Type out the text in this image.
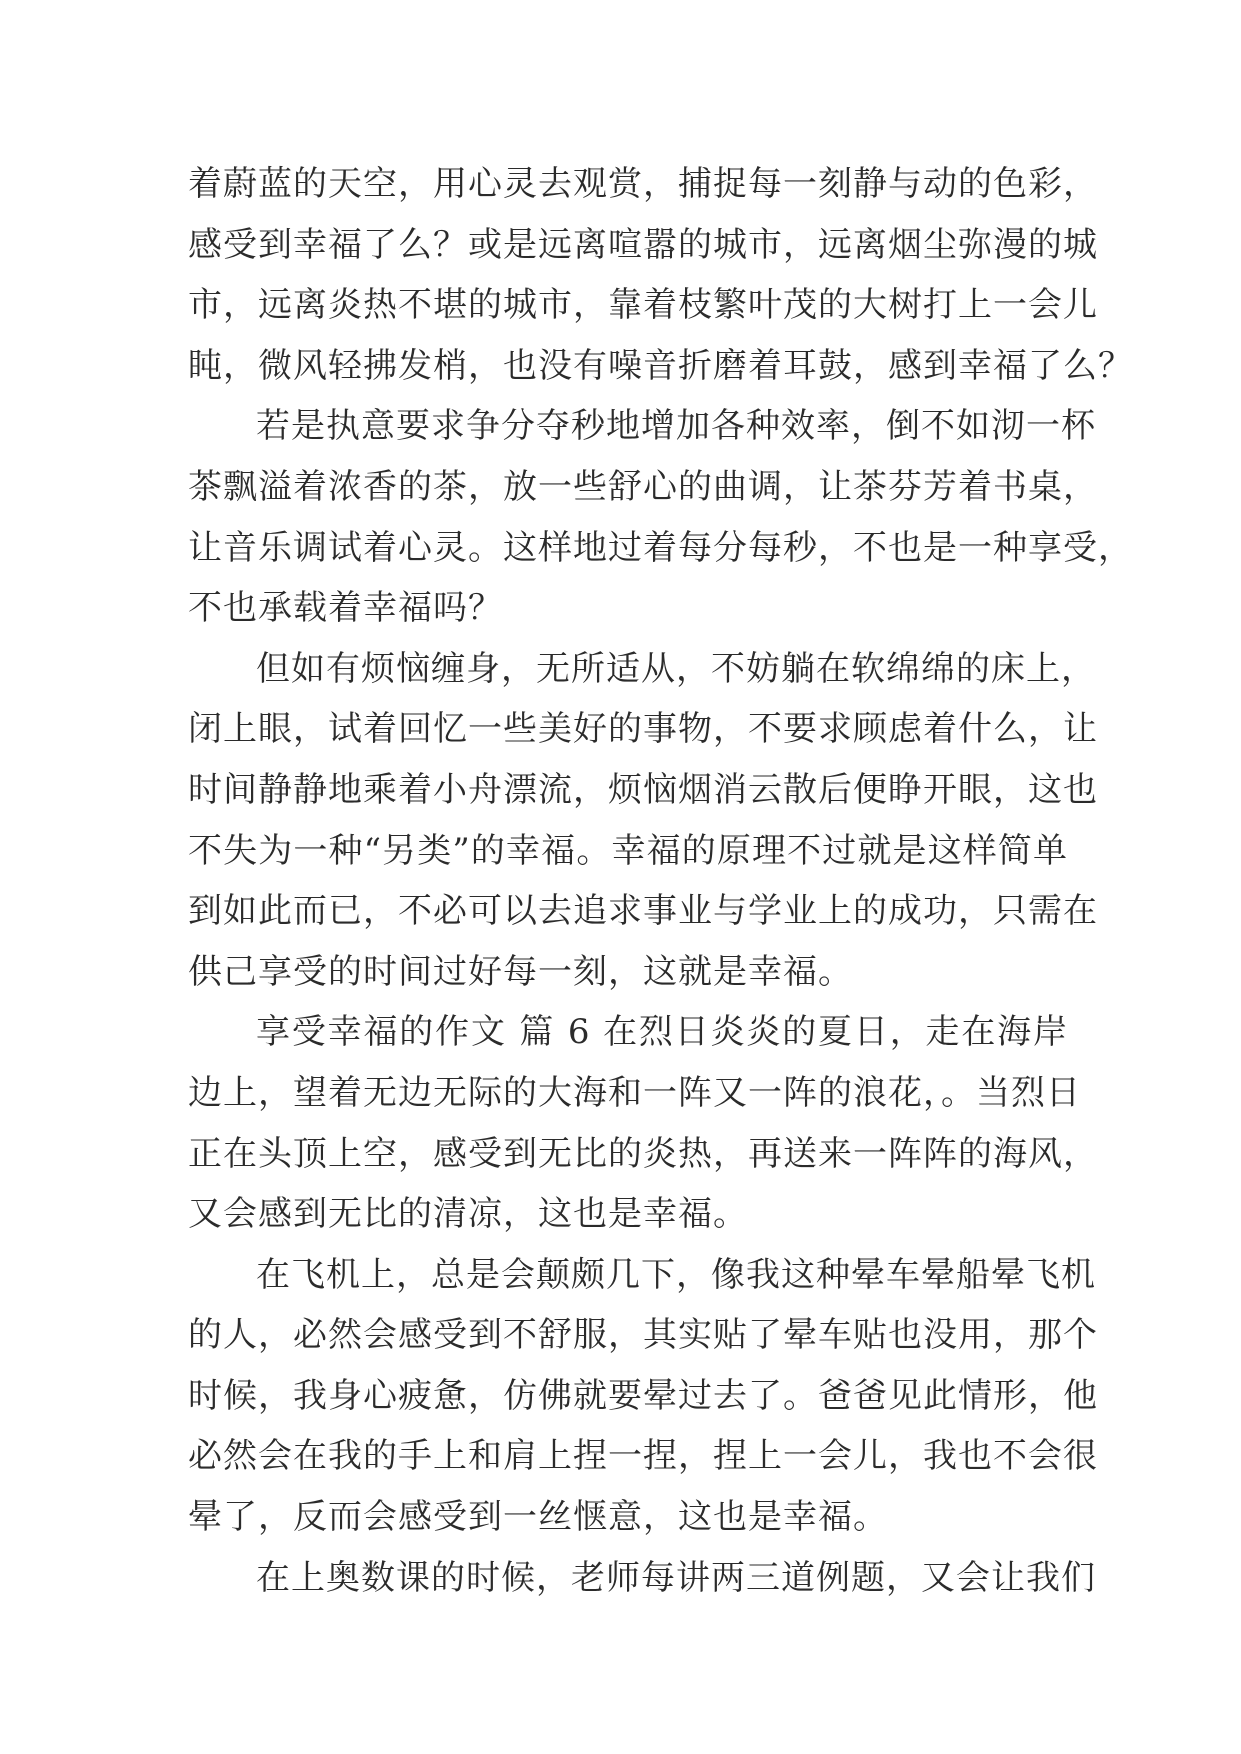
着蔚蓝的天空，用心灵去观赏，捕捉每一刻静与动的色彩，
感受到幸福了么？或是远离喧嚣的城市，远离烟尘弥漫的城
市，远离炎热不堪的城市，靠着枝繁叶茂的大树打上一会儿
盹，微风轻拂发梢，也没有噪音折磨着耳鼓，感到幸福了么？
若是执意要求争分夺秒地增加各种效率，倒不如沏一杯
茶飘溢着浓香的茶，放一些舒心的曲调，让茶芬芳着书桌，
让音乐调试着心灵。这样地过着每分每秒，不也是一种享受，
不也承载着幸福吗？
但如有烦恼缠身，无所适从，不妨躺在软绵绵的床上，
闭上眼，试着回忆一些美好的事物，不要求顾虑着什么，让
时间静静地乘着小舟漂流，烦恼烟消云散后便睁开眼，这也
不失为一种“另类”的幸福。幸福的原理不过就是这样简单
到如此而已，不必可以去追求事业与学业上的成功，只需在
供己享受的时间过好每一刻，这就是幸福。
享受幸福的作文 篇 6 在烈日炎炎的夏日，走在海岸
边上，望着无边无际的大海和一阵又一阵的浪花，。当烈日
正在头顶上空，感受到无比的炎热，再送来一阵阵的海风，
又会感到无比的清凉，这也是幸福。
在飞机上，总是会颠颇几下，像我这种晕车晕船晕飞机
的人，必然会感受到不舒服，其实贴了晕车贴也没用，那个
时候，我身心疲惫，仿佛就要晕过去了。爸爸见此情形，他
必然会在我的手上和肩上捏一捏，捏上一会儿，我也不会很
晕了，反而会感受到一丝惬意，这也是幸福。
在上奥数课的时候，老师每讲两三道例题，又会让我们
